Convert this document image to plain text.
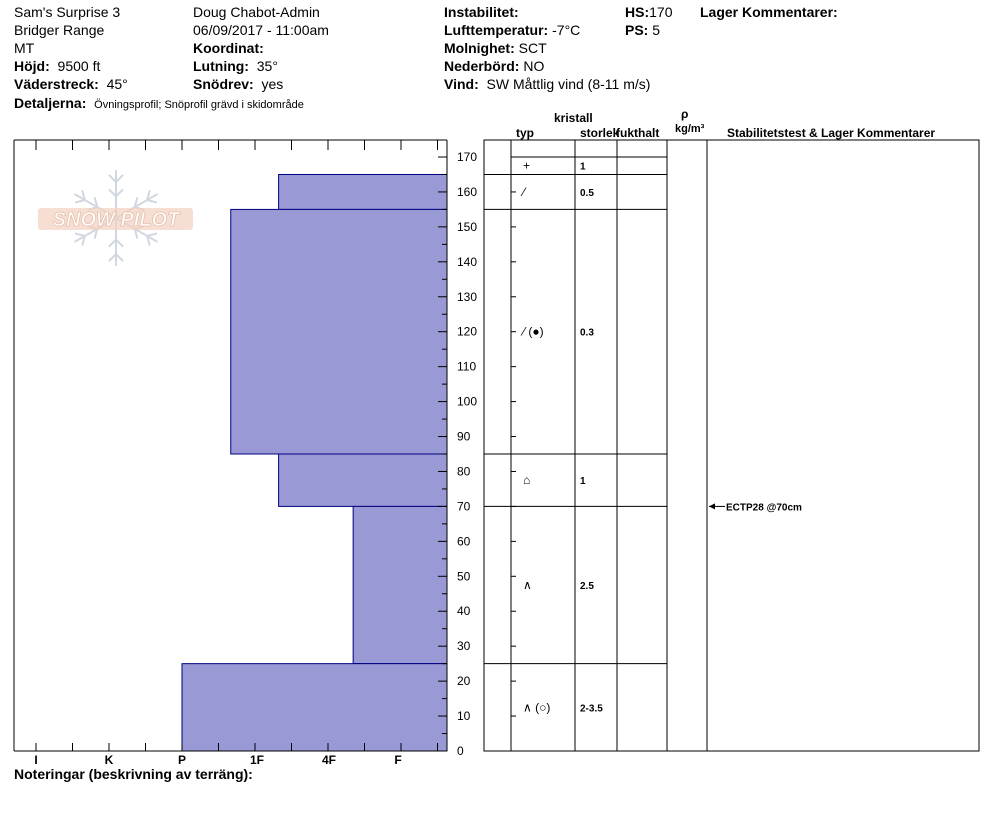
Sam's Surprise 3
Bridger Range
MT
Höjd: 9500 ft
Väderstreck: 45°
Detaljerna: Övningsprofil; Snöprofil grävd i skidområde
Doug Chabot-Admin
06/09/2017 - 11:00am
Koordinat:
Lutning: 35°
Snödrev: yes
Instabilitet:
Lufttemperatur: -7°C
Molnighet: SCT
Nederbörd: NO
Vind: SW Måttlig vind (8-11 m/s)
HS:170
PS: 5
Lager Kommentarer:
kristall
typ	storlek
fukthalt
ρ
kg/m³ Stabilitetstest & Lager Kommentarer
SNOW PILOT
0
10
20
30
40
50
60
70
80
90
100
110
120
130
140
150
160
170
I	K	P	1F	4F	F
+	1
⁄	0.5
⁄ (●)	0.3
⌂	1
∧	2.5
∧ (○)	2-3.5
ECTP28 @70cm
Noteringar (beskrivning av terräng):
